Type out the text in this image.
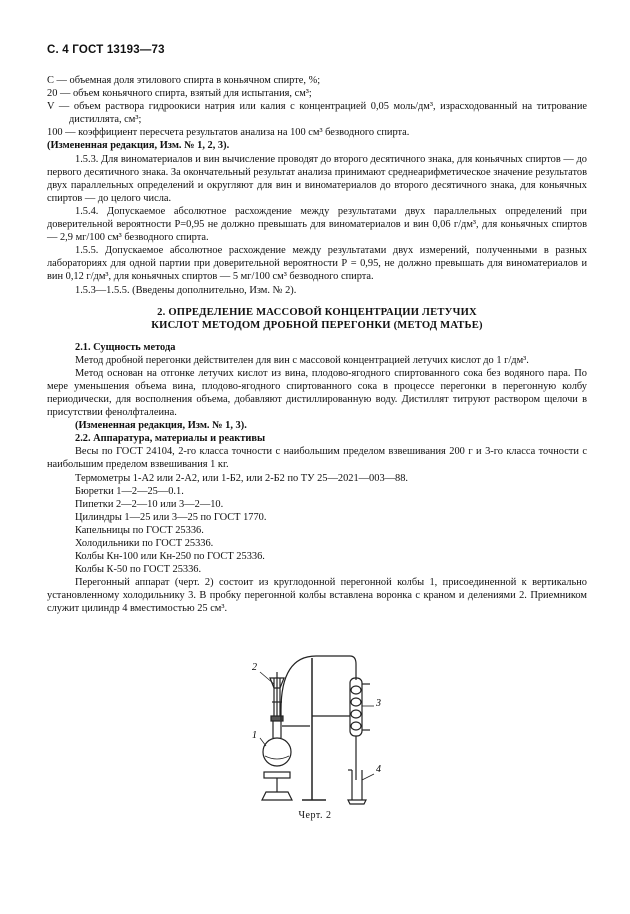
С. 4 ГОСТ 13193—73

С — объемная доля этилового спирта в коньячном спирте, %;

20 — объем коньячного спирта, взятый для испытания, см³;

V — объем раствора гидроокиси натрия или калия с концентрацией 0,05 моль/дм³, израсходованный на титрование дистиллята, см³;

100 — коэффициент пересчета результатов анализа на 100 см³ безводного спирта.

(Измененная редакция, Изм. № 1, 2, 3).

1.5.3. Для виноматериалов и вин вычисление проводят до второго десятичного знака, для коньячных спиртов — до первого десятичного знака. За окончательный результат анализа принимают среднеарифметическое значение результатов двух параллельных определений и округляют для вин и виноматериалов до второго десятичного знака, для коньячных спиртов — до целого числа.

1.5.4. Допускаемое абсолютное расхождение между результатами двух параллельных определений при доверительной вероятности Р=0,95 не должно превышать для виноматериалов и вин 0,06 г/дм³, для коньячных спиртов — 2,9 мг/100 см³ безводного спирта.

1.5.5. Допускаемое абсолютное расхождение между результатами двух измерений, полученными в разных лабораториях для одной партии при доверительной вероятности Р = 0,95, не должно превышать для виноматериалов и вин 0,12 г/дм³, для коньячных спиртов — 5 мг/100 см³ безводного спирта.

1.5.3—1.5.5. (Введены дополнительно, Изм. № 2).

2. ОПРЕДЕЛЕНИЕ МАССОВОЙ КОНЦЕНТРАЦИИ ЛЕТУЧИХ
КИСЛОТ МЕТОДОМ ДРОБНОЙ ПЕРЕГОНКИ (МЕТОД МАТЬЕ)

2.1. Сущность метода

Метод дробной перегонки действителен для вин с массовой концентрацией летучих кислот до 1 г/дм³.

Метод основан на отгонке летучих кислот из вина, плодово-ягодного спиртованного сока без водяного пара. По мере уменьшения объема вина, плодово-ягодного спиртованного сока в процессе перегонки в перегонную колбу периодически, для восполнения объема, добавляют дистиллированную воду. Дистиллят титруют раствором щелочи в присутствии фенолфталеина.

(Измененная редакция, Изм. № 1, 3).

2.2. Аппаратура, материалы и реактивы

Весы по ГОСТ 24104, 2-го класса точности с наибольшим пределом взвешивания 200 г и 3-го класса точности с наибольшим пределом взвешивания 1 кг.

Термометры 1-А2 или 2-А2, или 1-Б2, или 2-Б2 по ТУ 25—2021—003—88.

Бюретки 1—2—25—0.1.

Пипетки 2—2—10 или 3—2—10.

Цилиндры 1—25 или 3—25 по ГОСТ 1770.

Капельницы по ГОСТ 25336.

Холодильники по ГОСТ 25336.

Колбы Кн-100 или Кн-250 по ГОСТ 25336.

Колбы К-50 по ГОСТ 25336.

Перегонный аппарат (черт. 2) состоит из круглодонной перегонной колбы 1, присоединенной к вертикально установленному холодильнику 3. В пробку перегонной колбы вставлена воронка с краном и делениями 2. Приемником служит цилиндр 4 вместимостью 25 см³.

2
1
3
4
Черт. 2
